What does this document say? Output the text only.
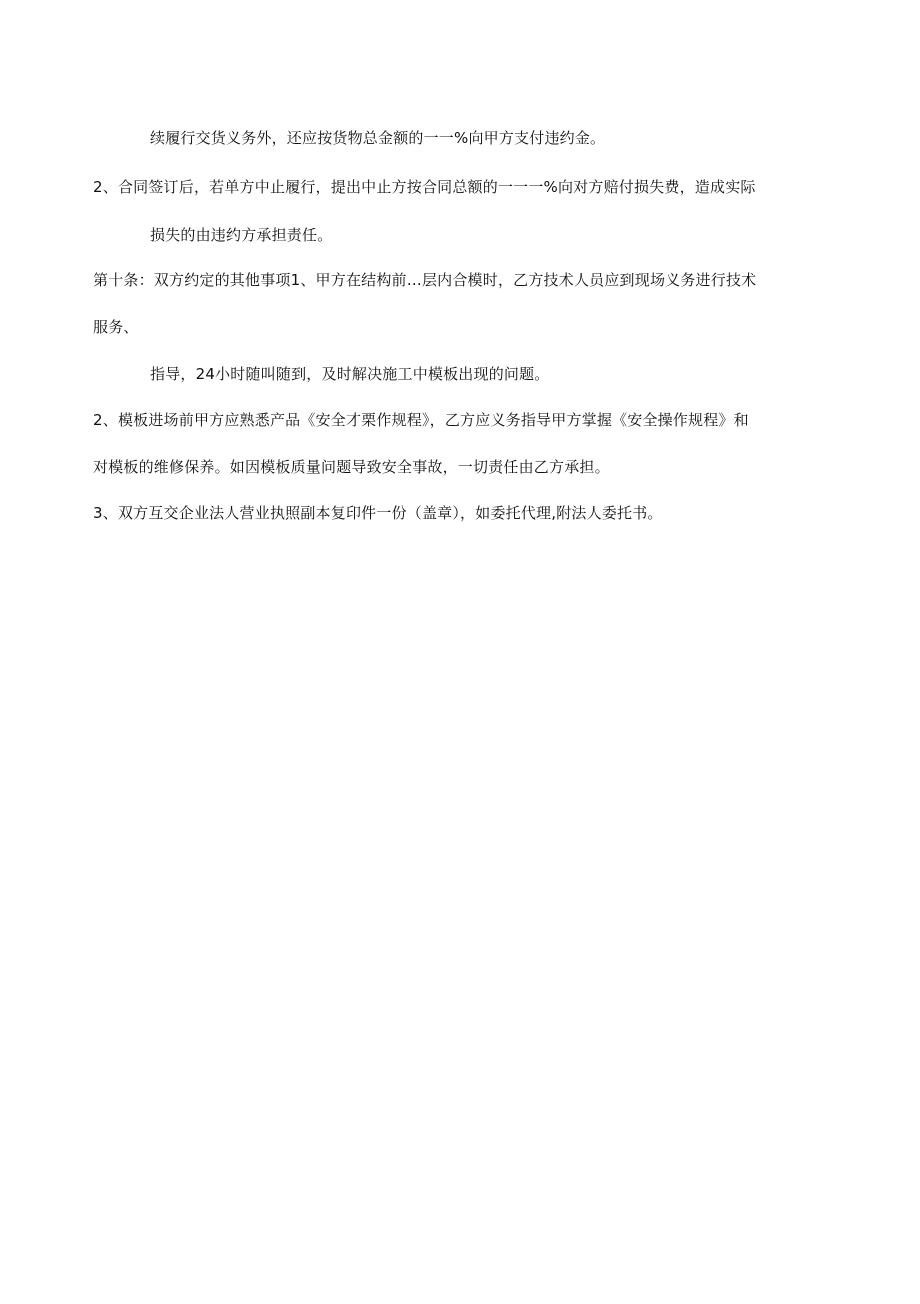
续履行交货义务外，还应按货物总金额的一一%向甲方支付违约金。
2、合同签订后，若单方中止履行，提出中止方按合同总额的一一一%向对方赔付损失费，造成实际
损失的由违约方承担责任。
第十条：双方约定的其他事项1、甲方在结构前…层内合模时，乙方技术人员应到现场义务进行技术
服务、
指导，24小时随叫随到，及时解决施工中模板出现的问题。
2、模板进场前甲方应熟悉产品《安全才栗作规程》，乙方应义务指导甲方掌握《安全操作规程》和
对模板的维修保养。如因模板质量问题导致安全事故，一切责任由乙方承担。
3、双方互交企业法人营业执照副本复印件一份（盖章），如委托代理,附法人委托书。
